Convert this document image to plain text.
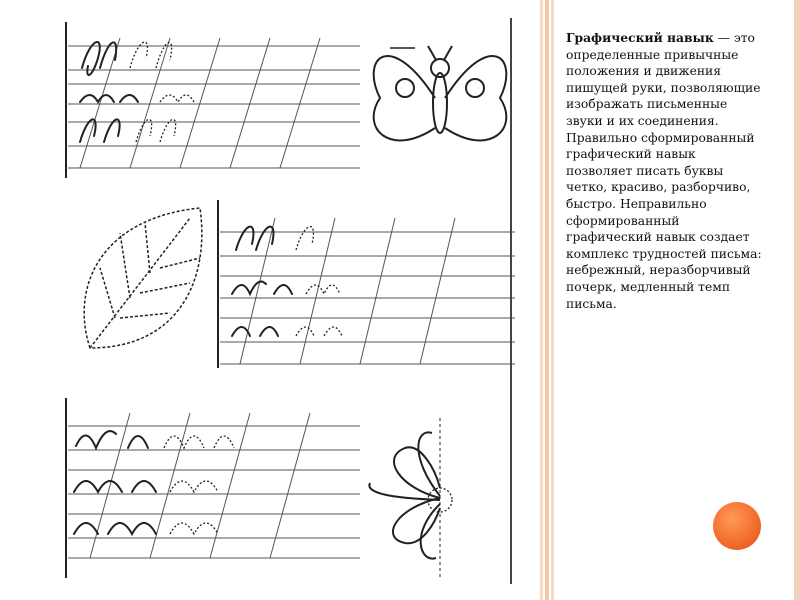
Графический навык — это определенные привычные положения и движения пишущей руки, позволяющие изображать письменные звуки и их соединения. Правильно сформированный графический навык позволяет писать буквы четко, красиво, разборчиво, быстро. Неправильно сформированный графический навык создает комплекс трудностей письма: небрежный, неразборчивый почерк, медленный темп письма.
